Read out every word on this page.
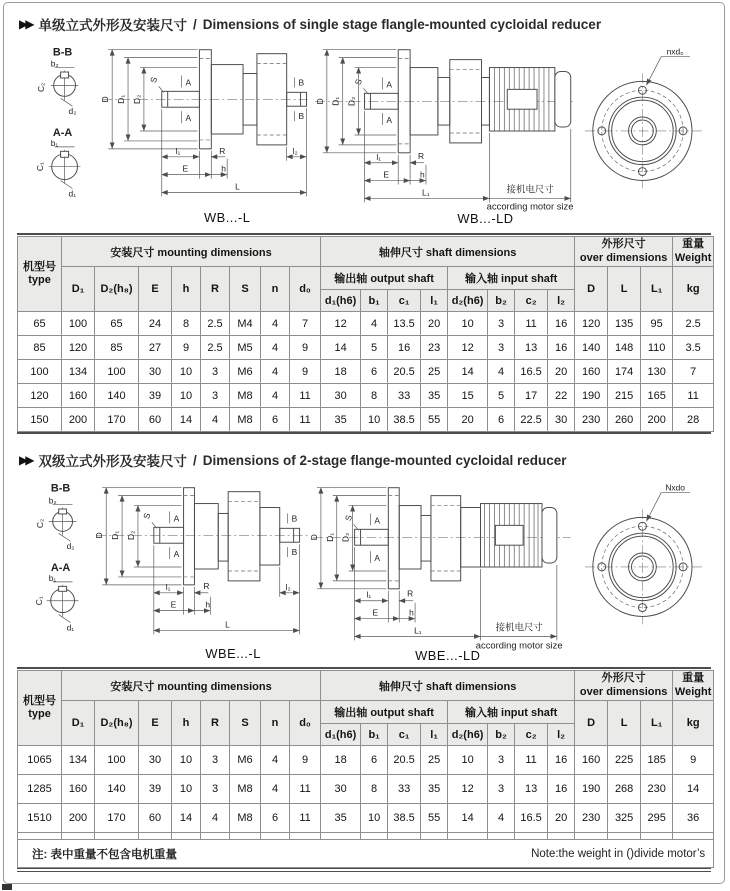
▶▶ 单级立式外形及安装尺寸 / Dimensions of single stage flangle-mounted cycloidal reducer
B-B
b₂
C₂
d₂
A-A
b₁
C₁
d₁
S	A
A
B
B
D D₁ D₂
l₁	R	l₂
E	h
L
WB...-L
S	A
A
D D₁ D₂
l₁	R
E	h
L₁	接机电尺寸
according motor size
WB...-LD
nxd₀
机型号
type	安装尺寸 mounting dimensions								轴伸尺寸 shaft dimensions								外形尺寸
over dimensions			重量
Weight

	D₁	D₂(h₈)	E	h	R	S	n	d₀	输出轴 output shaft				输入轴 input shaft				D	L	L₁	kg
									d₁(h6)	b₁	c₁	l₁	d₂(h6)	b₂	c₂	l₂				
65	100	65	24	8	2.5	M4	4	7	12	4	13.5	20	10	3	11	16	120	135	95	2.5
85	120	85	27	9	2.5	M5	4	9	14	5	16	23	12	3	13	16	140	148	110	3.5
100	134	100	30	10	3	M6	4	9	18	6	20.5	25	14	4	16.5	20	160	174	130	7
120	160	140	39	10	3	M8	4	11	30	8	33	35	15	5	17	22	190	215	165	11
150	200	170	60	14	4	M8	6	11	35	10	38.5	55	20	6	22.5	30	230	260	200	28
▶▶ 双级立式外形及安装尺寸 / Dimensions of 2-stage flange-mounted cycloidal reducer
B-B
b₂
C₂
d₂
A-A
b₁
C₁
d₁
S	A
A
B
B
D D₁ D₂
l₁	R	l₂
E	h
L
WBE...-L
S A
A
D D₁ D₂
l₁	R
E	h
L₁	接机电尺寸
according motor size
WBE...-LD
Nxdo
机型号
type	安装尺寸 mounting dimensions								轴伸尺寸 shaft dimensions								外形尺寸
over dimensions			重量
Weight

	D₁	D₂(h₈)	E	h	R	S	n	d₀	输出轴 output shaft				输入轴 input shaft				D	L	L₁	kg
									d₁(h6)	b₁	c₁	l₁	d₂(h6)	b₂	c₂	l₂				
1065	134	100	30	10	3	M6	4	9	18	6	20.5	25	10	3	11	16	160	225	185	9
1285	160	140	39	10	3	M8	4	11	30	8	33	35	12	3	13	16	190	268	230	14
1510	200	170	60	14	4	M8	6	11	35	10	38.5	55	14	4	16.5	20	230	325	295	36

注: 表中重量不包含电机重量 Note:the weight in ()divide motor’s																				
